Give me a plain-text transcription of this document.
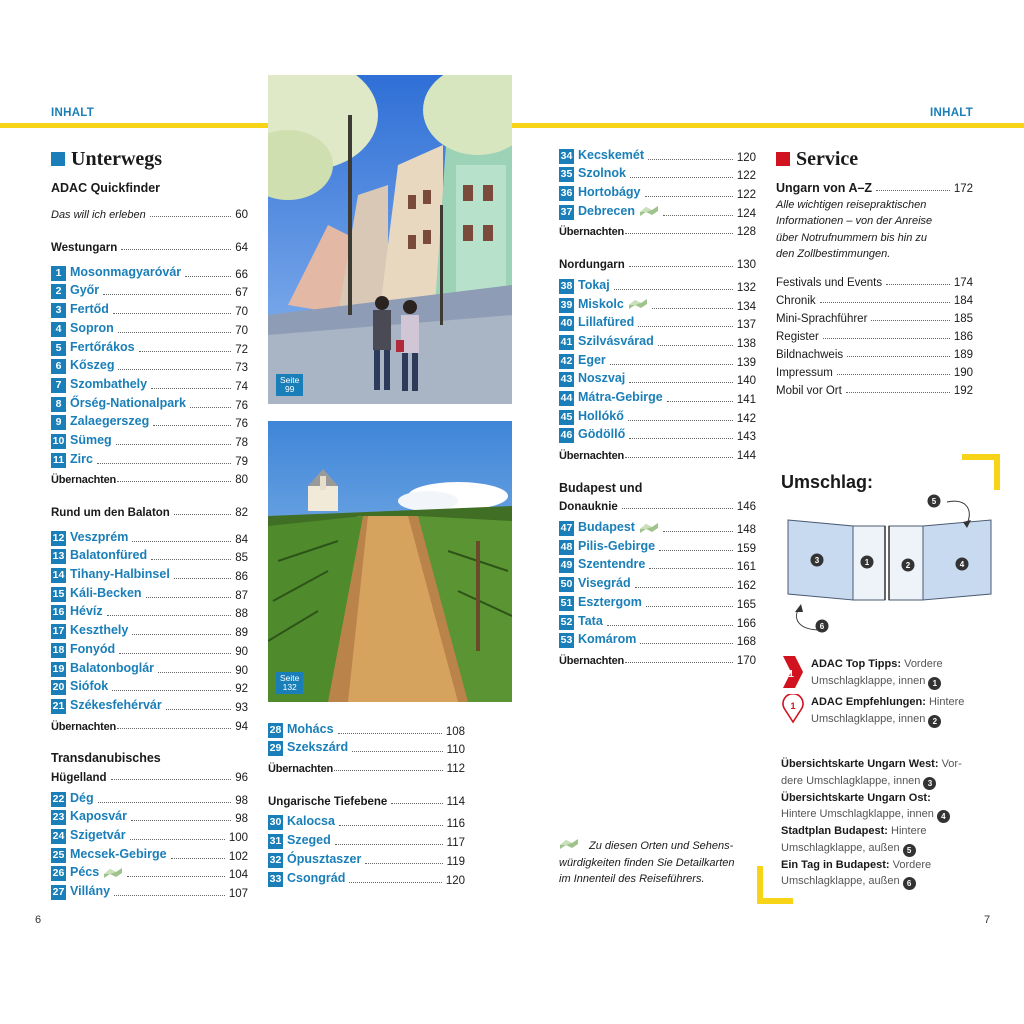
INHALT	INHALT
Unterwegs
ADAC Quickfinder
Das will ich erleben	60
Westungarn	64
1 Mosonmagyaróvár	66
2 Győr	67
3 Fertőd	70
4 Sopron	70
5 Fertőrákos	72
6 Kőszeg	73
7 Szombathely	74
8 Őrség-Nationalpark	76
9 Zalaegerszeg	76
10 Sümeg	78
11 Zirc	79
Übernachten	80
Rund um den Balaton	82
12 Veszprém	84
13 Balatonfüred	85
14 Tihany-Halbinsel	86
15 Káli-Becken	87
16 Hévíz	88
17 Keszthely	89
18 Fonyód	90
19 Balatonboglár	90
20 Siófok	92
21 Székesfehérvár	93
Übernachten	94
Transdanubisches
Hügelland	96
22 Dég	98
23 Kaposvár	98
24 Szigetvár	100
25 Mecsek-Gebirge	102
26 Pécs	104
27 Villány	107
Seite
99
Seite
132
28 Mohács	108
29 Szekszárd	110
Übernachten	112
Ungarische Tiefebene	114
30 Kalocsa	116
31 Szeged	117
32 Ópusztaszer	119
33 Csongrád	120
34 Kecskemét	120
35 Szolnok	122
36 Hortobágy	122
37 Debrecen	124
Übernachten	128
Nordungarn	130
38 Tokaj	132
39 Miskolc	134
40 Lillafüred	137
41 Szilvásvárad	138
42 Eger	139
43 Noszvaj	140
44 Mátra-Gebirge	141
45 Hollókő	142
46 Gödöllő	143
Übernachten	144
Budapest und
Donauknie	146
47 Budapest	148
48 Pilis-Gebirge	159
49 Szentendre	161
50 Visegrád	162
51 Esztergom	165
52 Tata	166
53 Komárom	168
Übernachten	170
Zu diesen Orten und Sehens-
würdigkeiten finden Sie Detailkarten
im Innenteil des Reiseführers.
Service
Ungarn von A–Z	172
Alle wichtigen reisepraktischen
Informationen – von der Anreise
über Notrufnummern bis hin zu
den Zollbestimmungen.
Festivals und Events	174
Chronik	184
Mini-Sprachführer	185
Register	186
Bildnachweis	189
Impressum	190
Mobil vor Ort	192
Umschlag:
1	2
3	4
5
6
1
ADAC Top Tipps: Vordere
Umschlagklappe, innen 1
1 ADAC Empfehlungen: Hintere
Umschlagklappe, innen 2
Übersichtskarte Ungarn West: Vor-
dere Umschlagklappe, innen 3
Übersichtskarte Ungarn Ost:
Hintere Umschlagklappe, innen 4
Stadtplan Budapest: Hintere
Umschlagklappe, außen 5
Ein Tag in Budapest: Vordere
Umschlagklappe, außen 6
6	7
